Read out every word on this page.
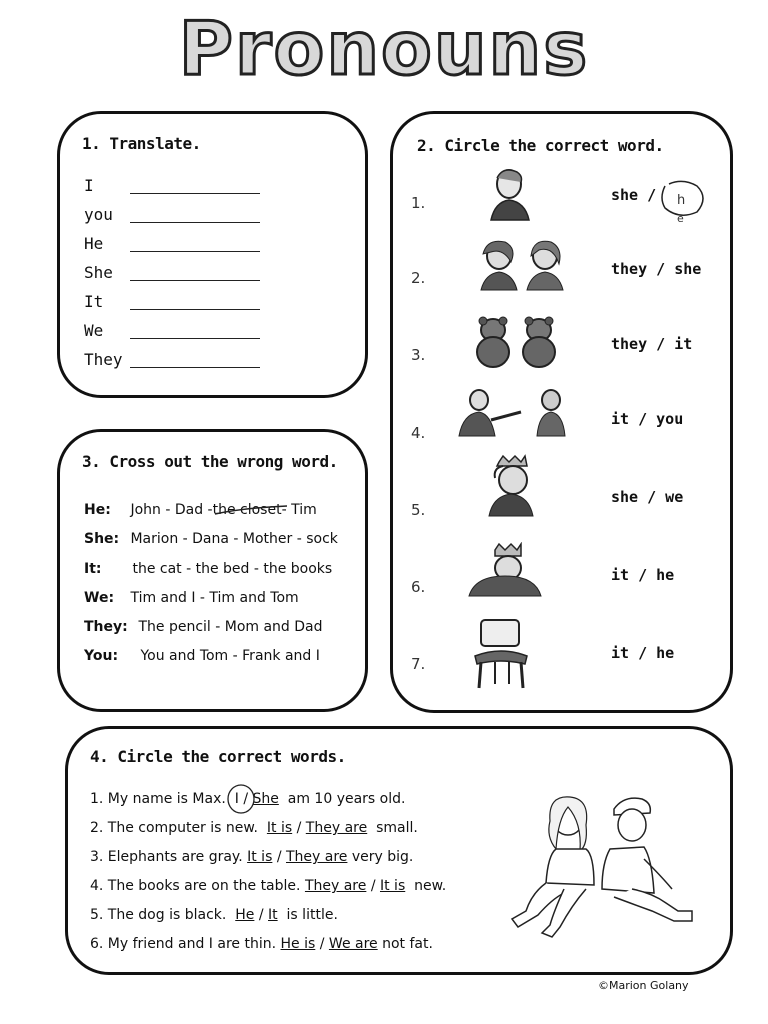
Pronouns
1. Translate.
I
you
He
She
It
We
They
2. Circle the correct word.
1.	she / h
e
2.	they / she
3.
they / it
4.
it / you
5.
she / we
6.
it / he
7.
it / he
3. Cross out the wrong word.
He: John - Dad -the closet
- Tim
She: Marion - Dana - Mother - sock
It: the cat - the bed - the books
We: Tim and I - Tim and Tom
They: The pencil - Mom and Dad
You: You and Tom - Frank and I
4. Circle the correct words.
1. My name is Max. I / She am 10 years old.
2. The computer is new. It is / They are small.
3. Elephants are gray. It is / They are very big.
4. The books are on the table. They are / It is new.
5. The dog is black. He / It is little.
6. My friend and I are thin. He is / We are not fat.
©Marion Golany
